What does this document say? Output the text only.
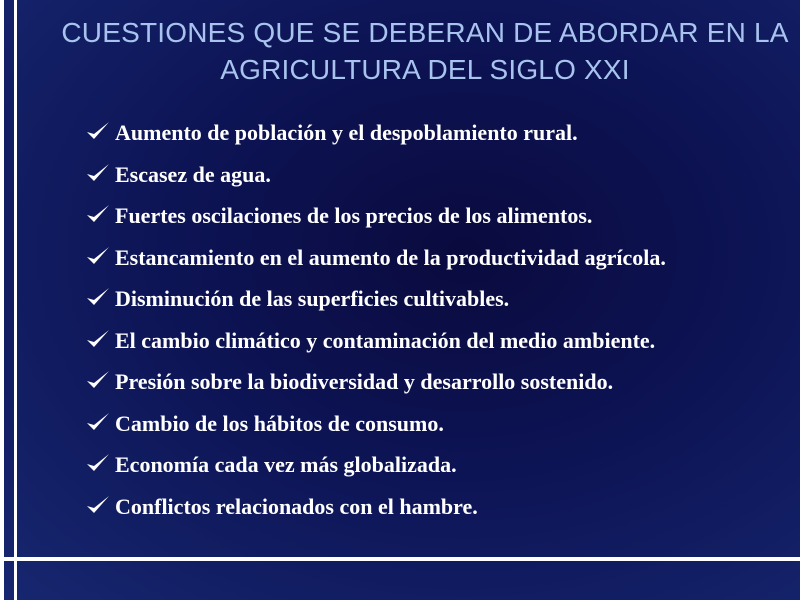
CUESTIONES QUE SE DEBERAN DE ABORDAR EN LA AGRICULTURA DEL SIGLO XXI
Aumento de población y el despoblamiento rural.
Escasez de agua.
Fuertes oscilaciones de los precios de los alimentos.
Estancamiento en el aumento de la productividad agrícola.
Disminución de las superficies cultivables.
El cambio climático y contaminación del medio ambiente.
Presión sobre la biodiversidad y desarrollo sostenido.
Cambio de los hábitos de consumo.
Economía cada vez más globalizada.
Conflictos relacionados con el hambre.
